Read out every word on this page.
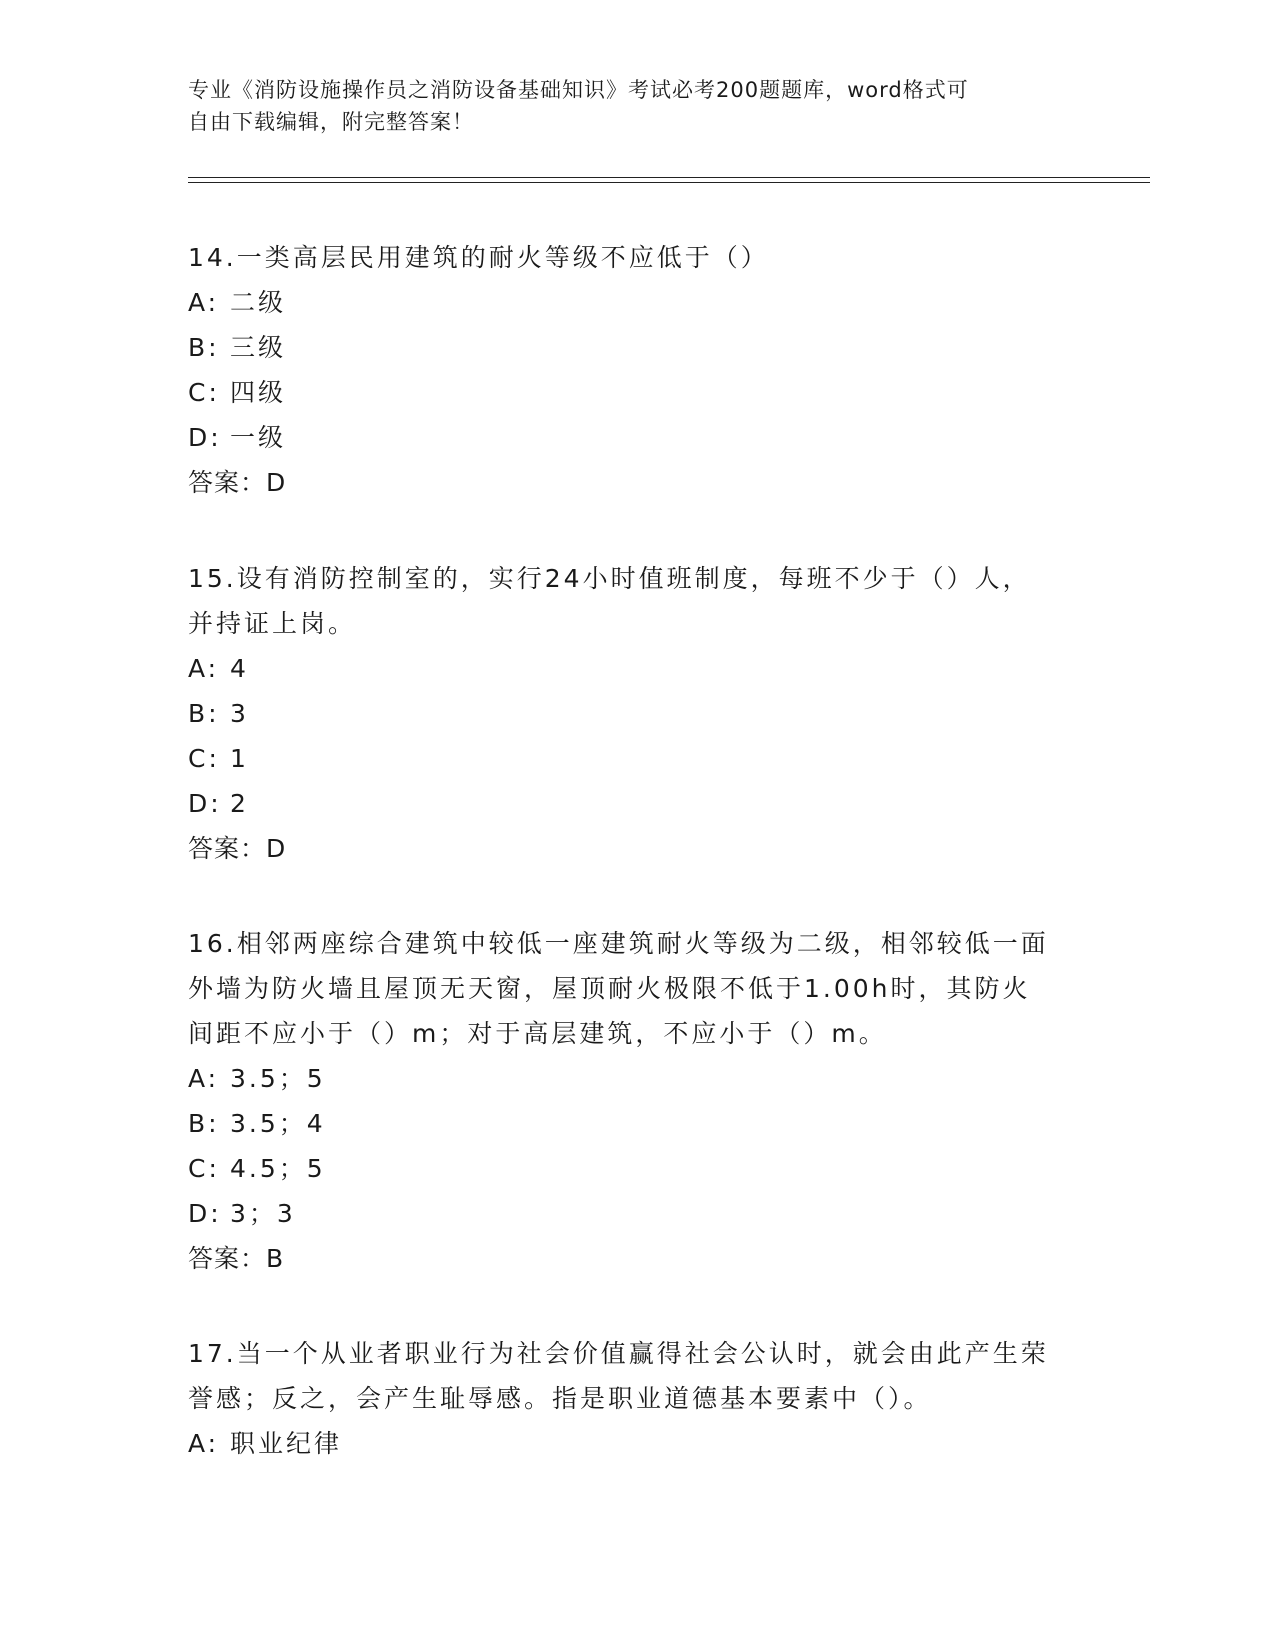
专业《消防设施操作员之消防设备基础知识》考试必考200题题库，word格式可
自由下载编辑，附完整答案！
14.一类高层民用建筑的耐火等级不应低于（）
A: 二级
B: 三级
C: 四级
D: 一级
答案：D
15.设有消防控制室的，实行24小时值班制度，每班不少于（）人，
并持证上岗。
A: 4
B: 3
C: 1
D: 2
答案：D
16.相邻两座综合建筑中较低一座建筑耐火等级为二级，相邻较低一面
外墙为防火墙且屋顶无天窗，屋顶耐火极限不低于1.00h时，其防火
间距不应小于（）m；对于高层建筑，不应小于（）m。
A: 3.5；5
B: 3.5；4
C: 4.5；5
D: 3；3
答案：B
17.当一个从业者职业行为社会价值赢得社会公认时，就会由此产生荣
誉感；反之，会产生耻辱感。指是职业道德基本要素中（）。
A: 职业纪律
